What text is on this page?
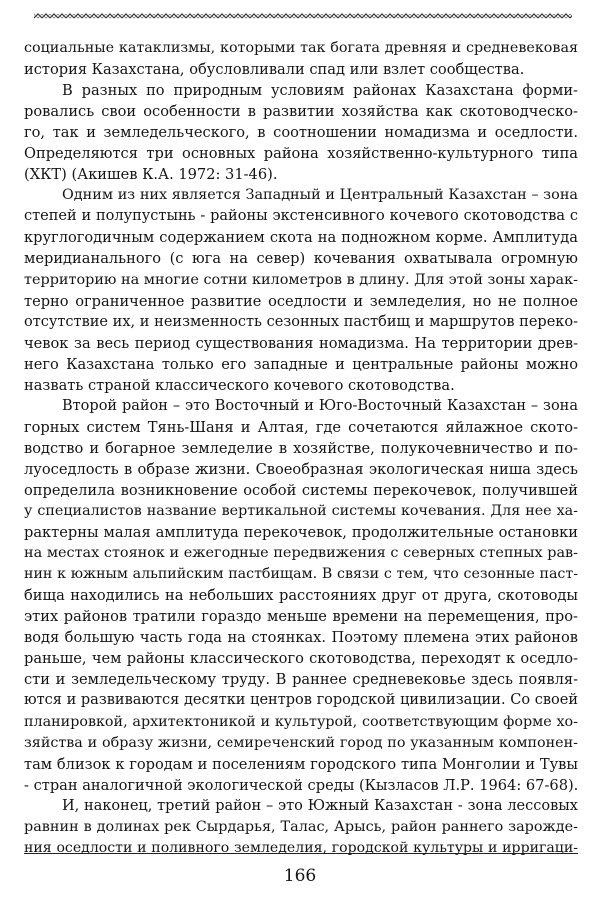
социальные катаклизмы, которыми так богата древняя и средневековая
история Казахстана, обусловливали спад или взлет сообщества.
В разных по природным условиям районах Казахстана форми-
ровались свои особенности в развитии хозяйства как скотоводческо-
го, так и земледельческого, в соотношении номадизма и оседлости.
Определяются три основных района хозяйственно-культурного типа
(ХКТ) (Акишев К.А. 1972: 31-46).
Одним из них является Западный и Центральный Казахстан – зона
степей и полупустынь - районы экстенсивного кочевого скотоводства с
круглогодичным содержанием скота на подножном корме. Амплитуда
меридианального (с юга на север) кочевания охватывала огромную
территорию на многие сотни километров в длину. Для этой зоны харак-
терно ограниченное развитие оседлости и земледелия, но не полное
отсутствие их, и неизменность сезонных пастбищ и маршрутов переко-
чевок за весь период существования номадизма. На территории древ-
него Казахстана только его западные и центральные районы можно
назвать страной классического кочевого скотоводства.
Второй район – это Восточный и Юго-Восточный Казахстан – зона
горных систем Тянь-Шаня и Алтая, где сочетаются яйлажное ското-
водство и богарное земледелие в хозяйстве, полукочевничество и по-
луоседлость в образе жизни. Своеобразная экологическая ниша здесь
определила возникновение особой системы перекочевок, получившей
у специалистов название вертикальной системы кочевания. Для нее ха-
рактерны малая амплитуда перекочевок, продолжительные остановки
на местах стоянок и ежегодные передвижения с северных степных рав-
нин к южным альпийским пастбищам. В связи с тем, что сезонные паст-
бища находились на небольших расстояниях друг от друга, скотоводы
этих районов тратили гораздо меньше времени на перемещения, про-
водя большую часть года на стоянках. Поэтому племена этих районов
раньше, чем районы классического скотоводства, переходят к оседло-
сти и земледельческому труду. В раннее средневековье здесь появля-
ются и развиваются десятки центров городской цивилизации. Со своей
планировкой, архитектоникой и культурой, соответствующим форме хо-
зяйства и образу жизни, семиреченский город по указанным компонен-
там близок к городам и поселениям городского типа Монголии и Тувы
- стран аналогичной экологической среды (Кызласов Л.Р. 1964: 67-68).
И, наконец, третий район – это Южный Казахстан - зона лессовых
равнин в долинах рек Сырдарья, Талас, Арысь, район раннего зарожде-
ния оседлости и поливного земледелия, городской культуры и ирригаци-
166
